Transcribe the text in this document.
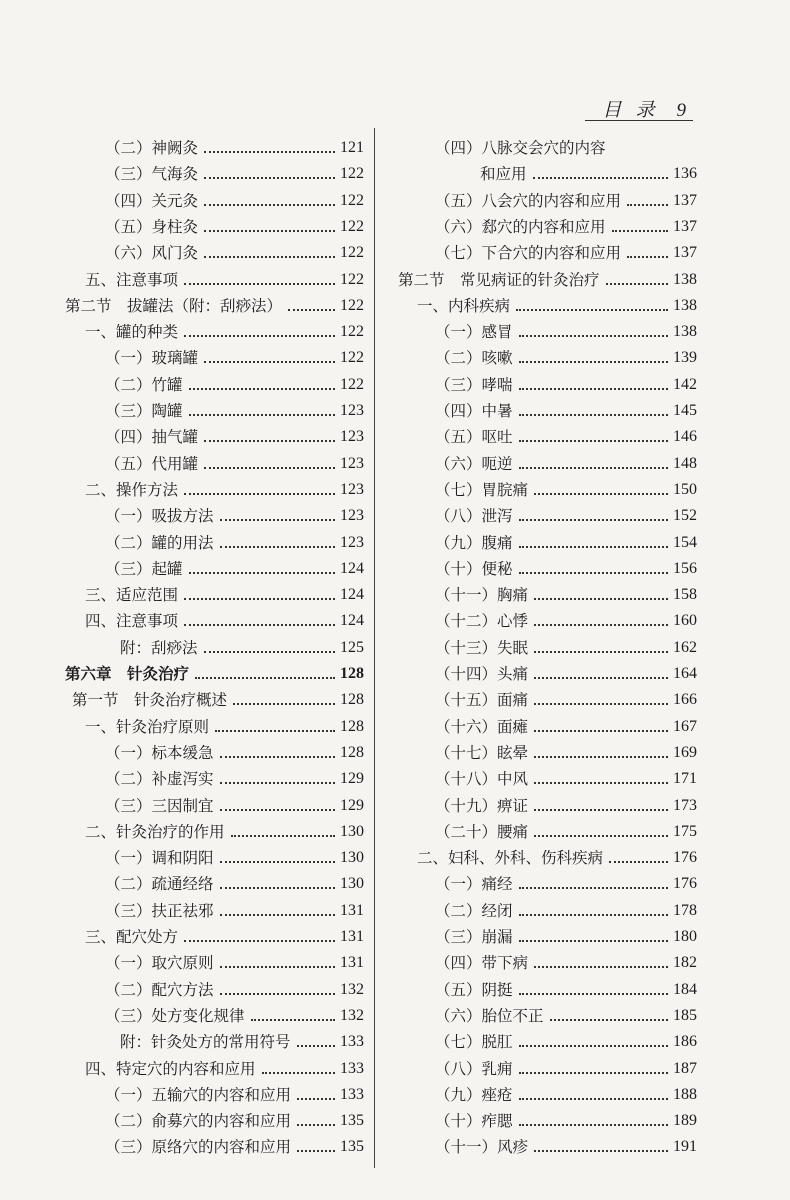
目 录 9
（二）神阙灸	121
（三）气海灸	122
（四）关元灸	122
（五）身柱灸	122
（六）风门灸	122
五、注意事项	122
第二节　拔罐法（附：刮痧法）	122
一、罐的种类	122
（一）玻璃罐	122
（二）竹罐	122
（三）陶罐	123
（四）抽气罐	123
（五）代用罐	123
二、操作方法	123
（一）吸拔方法	123
（二）罐的用法	123
（三）起罐	124
三、适应范围	124
四、注意事项	124
附：刮痧法	125
第六章　针灸治疗	128
第一节　针灸治疗概述	128
一、针灸治疗原则	128
（一）标本缓急	128
（二）补虚泻实	129
（三）三因制宜	129
二、针灸治疗的作用	130
（一）调和阴阳	130
（二）疏通经络	130
（三）扶正祛邪	131
三、配穴处方	131
（一）取穴原则	131
（二）配穴方法	132
（三）处方变化规律	132
附：针灸处方的常用符号	133
四、特定穴的内容和应用	133
（一）五输穴的内容和应用	133
（二）俞募穴的内容和应用	135
（三）原络穴的内容和应用	135
（四）八脉交会穴的内容
和应用	136
（五）八会穴的内容和应用	137
（六）郄穴的内容和应用	137
（七）下合穴的内容和应用	137
第二节　常见病证的针灸治疗	138
一、内科疾病	138
（一）感冒	138
（二）咳嗽	139
（三）哮喘	142
（四）中暑	145
（五）呕吐	146
（六）呃逆	148
（七）胃脘痛	150
（八）泄泻	152
（九）腹痛	154
（十）便秘	156
（十一）胸痛	158
（十二）心悸	160
（十三）失眠	162
（十四）头痛	164
（十五）面痛	166
（十六）面瘫	167
（十七）眩晕	169
（十八）中风	171
（十九）痹证	173
（二十）腰痛	175
二、妇科、外科、伤科疾病	176
（一）痛经	176
（二）经闭	178
（三）崩漏	180
（四）带下病	182
（五）阴挺	184
（六）胎位不正	185
（七）脱肛	186
（八）乳痈	187
（九）痤疮	188
（十）痄腮	189
（十一）风疹	191
